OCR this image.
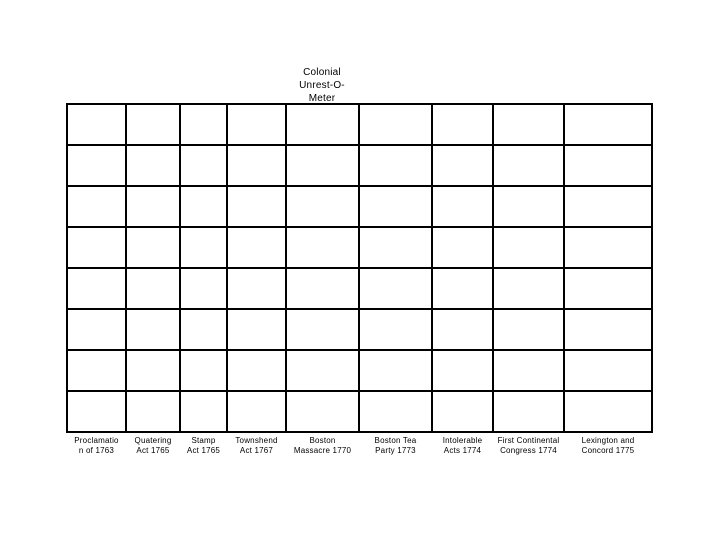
Colonial
Unrest-O-
Meter
Proclamatio
n of 1763
Quatering
Act 1765
Stamp
Act 1765
Townshend
Act 1767
Boston
Massacre 1770
Boston Tea
Party 1773
Intolerable
Acts 1774
First Continental
Congress 1774
Lexington and
Concord 1775
